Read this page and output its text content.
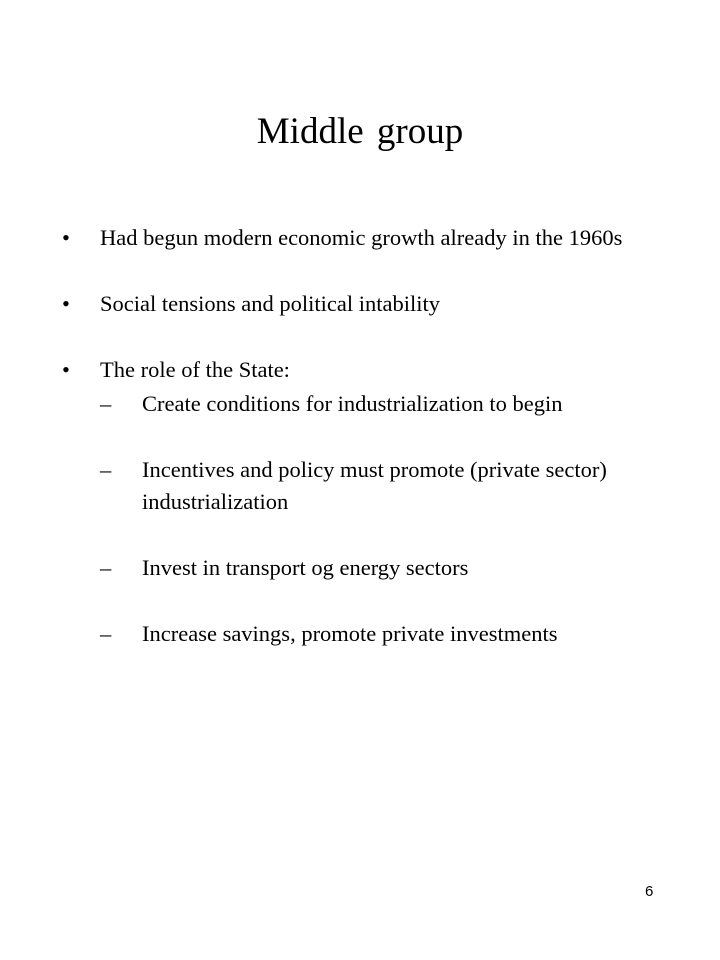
Middle group
• Had begun modern economic growth already in the 1960s
• Social tensions and political intability
• The role of the State:
– Create conditions for industrialization to begin
– Incentives and policy must promote (private sector) industrialization
– Invest in transport og energy sectors
– Increase savings, promote private investments
6
